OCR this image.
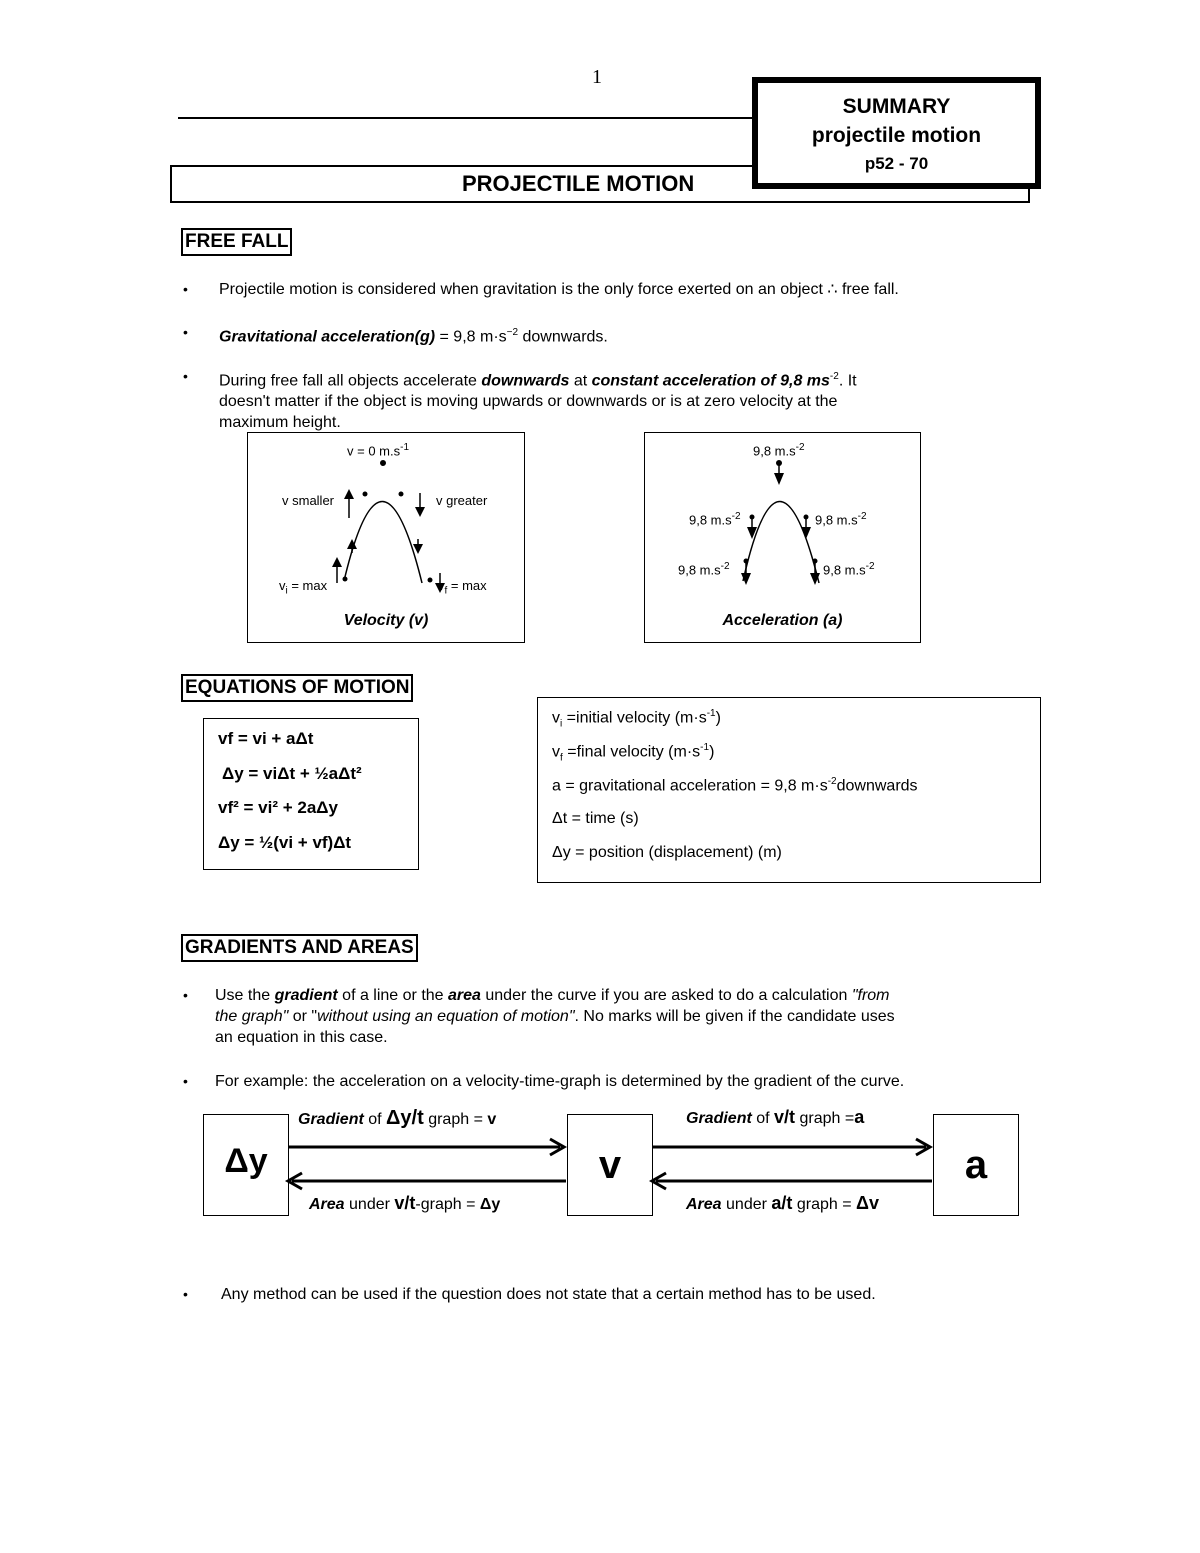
1
PROJECTILE MOTION
SUMMARY
projectile motion
p52 - 70
FREE FALL
• Projectile motion is considered when gravitation is the only force exerted on an object ∴ free fall.
• Gravitational acceleration(g) = 9,8 $m\cdot s^{-2}$ downwards.
• During free fall all objects accelerate downwards at constant acceleration of 9,8 $ms^{-2}$. It
doesn't matter if the object is moving upwards or downwards or is at zero velocity at the
maximum height.
v = 0 $m.s^{-1}$
v smaller	v greater
$v_i = \max$	$v_f = \max$
Velocity (v)
9,8 $m.s^{-2}$
9,8 $m.s^{-2}$	9,8 $m.s^{-2}$
9,8 $m.s^{-2}$	9,8 $m.s^{-2}$
Acceleration (a)
EQUATIONS OF MOTION
vf = vi + aΔt
Δy = viΔt + ½aΔt²
vf² = vi² + 2aΔy
Δy = ½(vi + vf)Δt
$v_i$ =initial velocity $(m\cdot s^{-1})$
$v_f$ =final velocity $(m\cdot s^{-1})$
a = gravitational acceleration = 9,8 $m\cdot s^{-2}downwards$
Δt = time (s)
Δy = position (displacement) (m)
GRADIENTS AND AREAS
• Use the gradient of a line or the area under the curve if you are asked to do a calculation "from
the graph" or "without using an equation of motion". No marks will be given if the candidate uses
an equation in this case.
• For example: the acceleration on a velocity-time-graph is determined by the gradient of the curve.
Δy	v	a
Gradient of Δy/t graph = v
Area under v/t-graph = Δy
Gradient of v/t graph =a
Area under a/t graph = Δv
• Any method can be used if the question does not state that a certain method has to be used.
